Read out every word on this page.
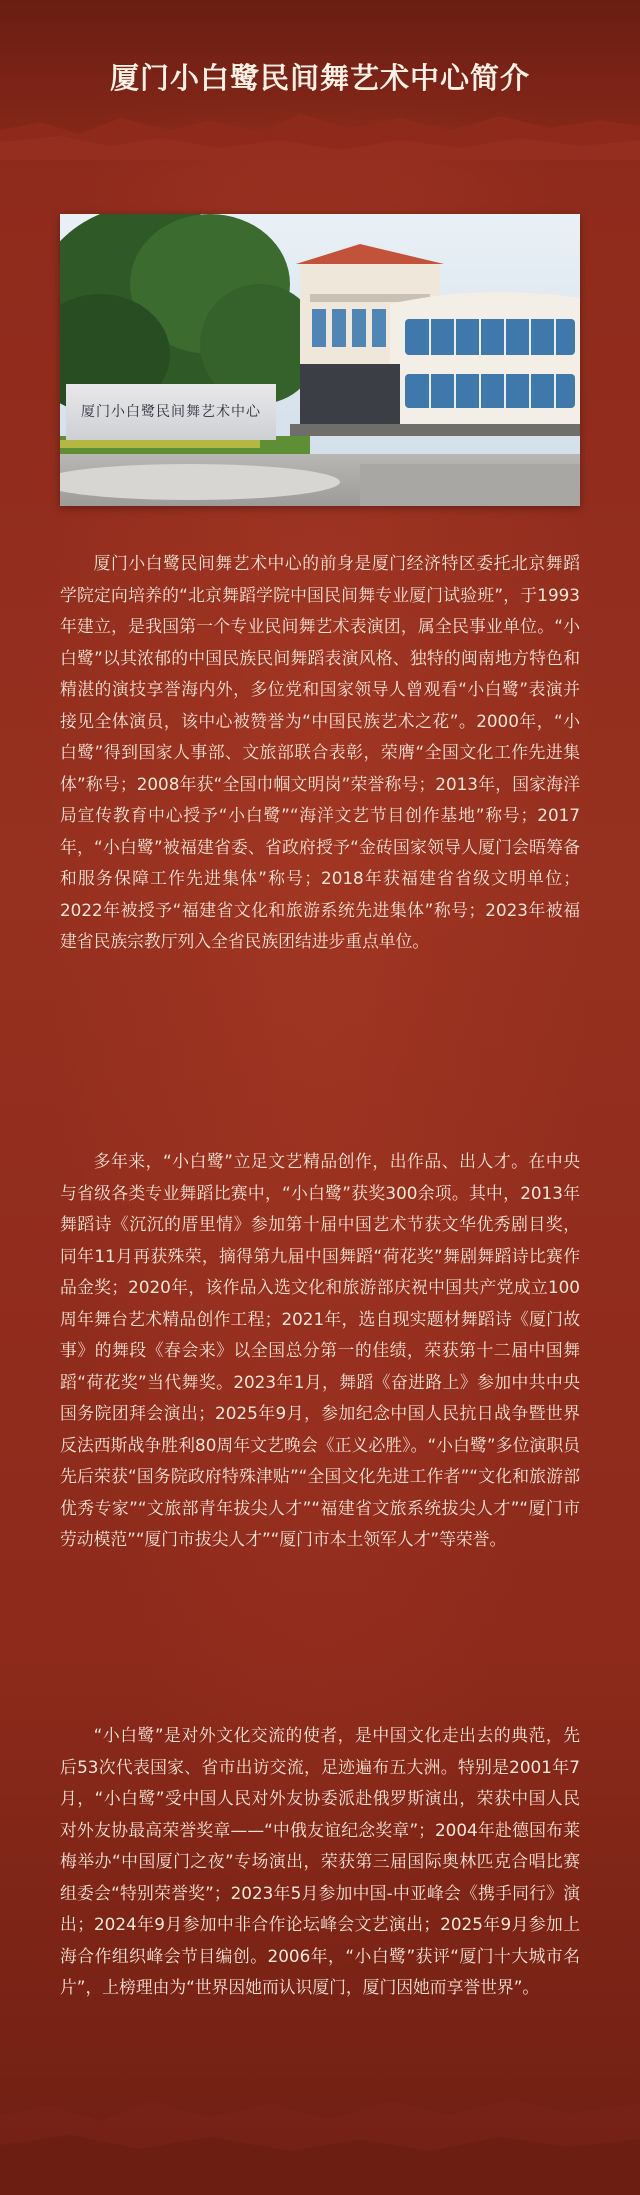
厦门小白鹭民间舞艺术中心简介
厦门小白鹭民间舞艺术中心

厦门小白鹭民间舞艺术中心的前身是厦门经济特区委托北京舞蹈学院定向培养的“北京舞蹈学院中国民间舞专业厦门试验班”，于1993年建立，是我国第一个专业民间舞艺术表演团，属全民事业单位。“小白鹭”以其浓郁的中国民族民间舞蹈表演风格、独特的闽南地方特色和精湛的演技享誉海内外，多位党和国家领导人曾观看“小白鹭”表演并接见全体演员，该中心被赞誉为“中国民族艺术之花”。2000年，“小白鹭”得到国家人事部、文旅部联合表彰，荣膺“全国文化工作先进集体”称号；2008年获“全国巾帼文明岗”荣誉称号；2013年，国家海洋局宣传教育中心授予“小白鹭”“海洋文艺节目创作基地”称号；2017年，“小白鹭”被福建省委、省政府授予“金砖国家领导人厦门会晤筹备和服务保障工作先进集体”称号；2018年获福建省省级文明单位；2022年被授予“福建省文化和旅游系统先进集体”称号；2023年被福建省民族宗教厅列入全省民族团结进步重点单位。

多年来，“小白鹭”立足文艺精品创作，出作品、出人才。在中央与省级各类专业舞蹈比赛中，“小白鹭”获奖300余项。其中，2013年舞蹈诗《沉沉的厝里情》参加第十届中国艺术节获文华优秀剧目奖，同年11月再获殊荣，摘得第九届中国舞蹈“荷花奖”舞剧舞蹈诗比赛作品金奖；2020年，该作品入选文化和旅游部庆祝中国共产党成立100周年舞台艺术精品创作工程；2021年，选自现实题材舞蹈诗《厦门故事》的舞段《春会来》以全国总分第一的佳绩，荣获第十二届中国舞蹈“荷花奖”当代舞奖。2023年1月，舞蹈《奋进路上》参加中共中央 国务院团拜会演出；2025年9月，参加纪念中国人民抗日战争暨世界反法西斯战争胜利80周年文艺晚会《正义必胜》。“小白鹭”多位演职员先后荣获“国务院政府特殊津贴”“全国文化先进工作者”“文化和旅游部优秀专家”“文旅部青年拔尖人才”“福建省文旅系统拔尖人才”“厦门市劳动模范”“厦门市拔尖人才”“厦门市本土领军人才”等荣誉。

“小白鹭”是对外文化交流的使者，是中国文化走出去的典范，先后53次代表国家、省市出访交流，足迹遍布五大洲。特别是2001年7月，“小白鹭”受中国人民对外友协委派赴俄罗斯演出，荣获中国人民对外友协最高荣誉奖章——“中俄友谊纪念奖章”；2004年赴德国布莱梅举办“中国厦门之夜”专场演出，荣获第三届国际奥林匹克合唱比赛组委会“特别荣誉奖”；2023年5月参加中国-中亚峰会《携手同行》演出；2024年9月参加中非合作论坛峰会文艺演出；2025年9月参加上海合作组织峰会节目编创。2006年，“小白鹭”获评“厦门十大城市名片”，上榜理由为“世界因她而认识厦门，厦门因她而享誉世界”。
